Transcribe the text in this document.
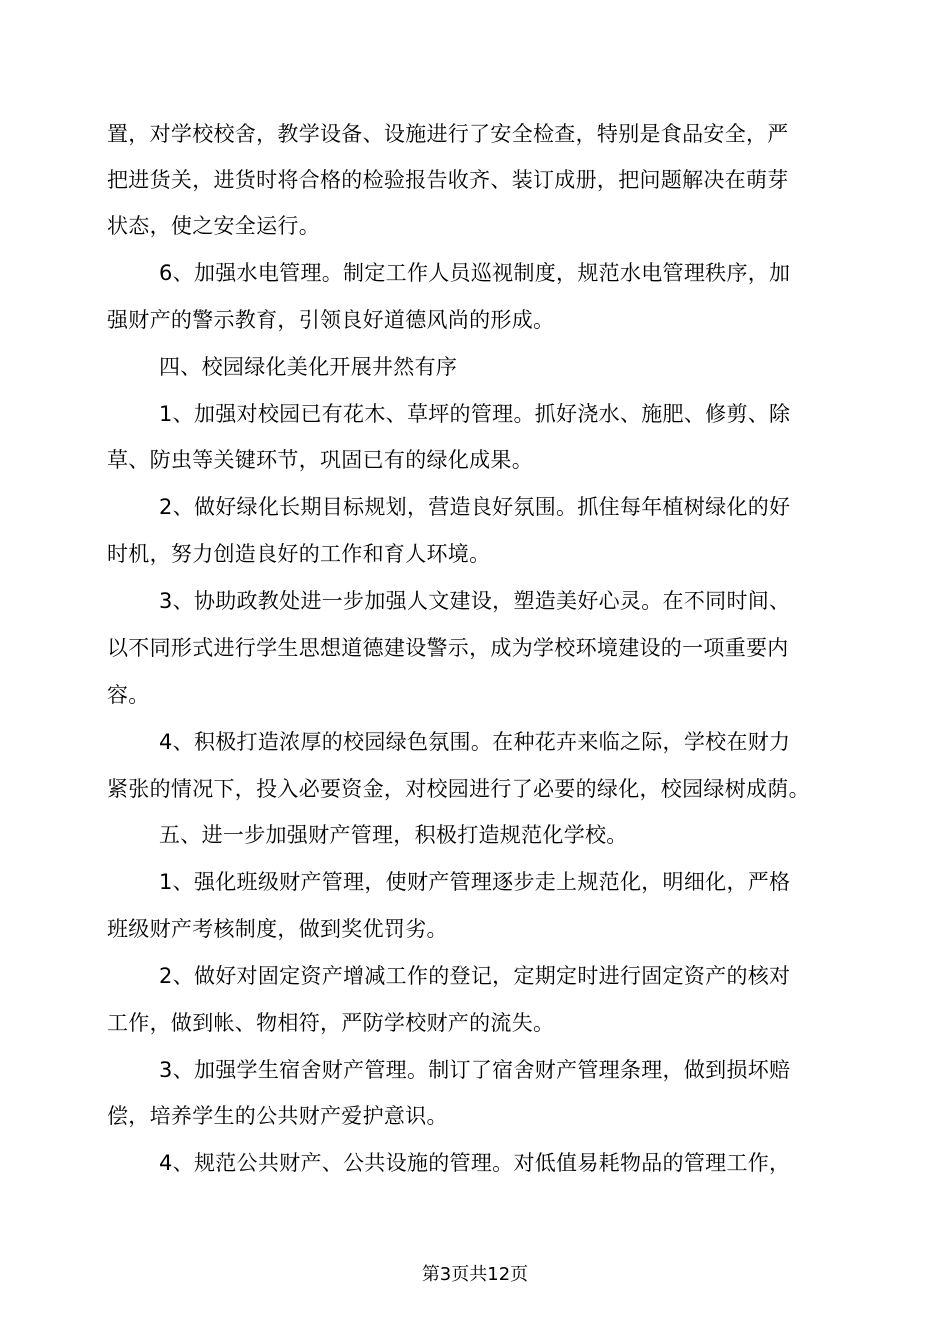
置，对学校校舍，教学设备、设施进行了安全检查，特别是食品安全，严
把进货关，进货时将合格的检验报告收齐、装订成册，把问题解决在萌芽
状态，使之安全运行。
6、加强水电管理。制定工作人员巡视制度，规范水电管理秩序，加
强财产的警示教育，引领良好道德风尚的形成。
四、校园绿化美化开展井然有序
1、加强对校园已有花木、草坪的管理。抓好浇水、施肥、修剪、除
草、防虫等关键环节，巩固已有的绿化成果。
2、做好绿化长期目标规划，营造良好氛围。抓住每年植树绿化的好
时机，努力创造良好的工作和育人环境。
3、协助政教处进一步加强人文建设，塑造美好心灵。在不同时间、
以不同形式进行学生思想道德建设警示，成为学校环境建设的一项重要内
容。
4、积极打造浓厚的校园绿色氛围。在种花卉来临之际，学校在财力
紧张的情况下，投入必要资金，对校园进行了必要的绿化，校园绿树成荫。
五、进一步加强财产管理，积极打造规范化学校。
1、强化班级财产管理，使财产管理逐步走上规范化，明细化，严格
班级财产考核制度，做到奖优罚劣。
2、做好对固定资产增减工作的登记，定期定时进行固定资产的核对
工作，做到帐、物相符，严防学校财产的流失。
3、加强学生宿舍财产管理。制订了宿舍财产管理条理，做到损坏赔
偿，培养学生的公共财产爱护意识。
4、规范公共财产、公共设施的管理。对低值易耗物品的管理工作，
第3页共12页
